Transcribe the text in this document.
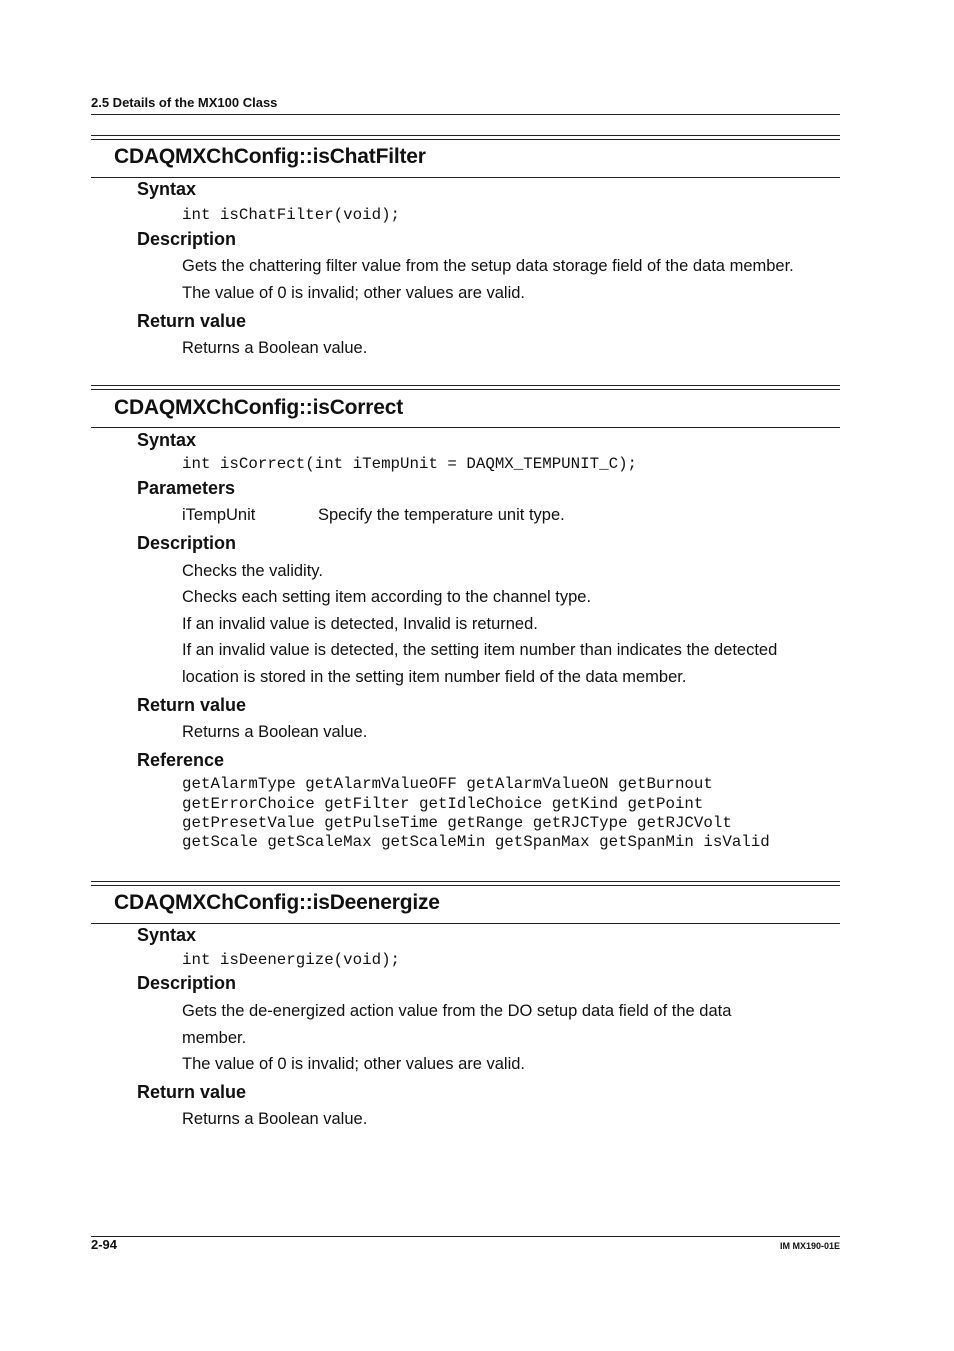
2.5 Details of the MX100 Class
CDAQMXChConfig::isChatFilter
Syntax
int isChatFilter(void);
Description
Gets the chattering filter value from the setup data storage field of the data member.
The value of 0 is invalid; other values are valid.
Return value
Returns a Boolean value.
CDAQMXChConfig::isCorrect
Syntax
int isCorrect(int iTempUnit = DAQMX_TEMPUNIT_C);
Parameters
iTempUnit	Specify the temperature unit type.
Description
Checks the validity.
Checks each setting item according to the channel type.
If an invalid value is detected, Invalid is returned.
If an invalid value is detected, the setting item number than indicates the detected
location is stored in the setting item number field of the data member.
Return value
Returns a Boolean value.
Reference
getAlarmType getAlarmValueOFF getAlarmValueON getBurnout
getErrorChoice getFilter getIdleChoice getKind getPoint
getPresetValue getPulseTime getRange getRJCType getRJCVolt
getScale getScaleMax getScaleMin getSpanMax getSpanMin isValid
CDAQMXChConfig::isDeenergize
Syntax
int isDeenergize(void);
Description
Gets the de-energized action value from the DO setup data field of the data
member.
The value of 0 is invalid; other values are valid.
Return value
Returns a Boolean value.
2-94	IM MX190-01E
